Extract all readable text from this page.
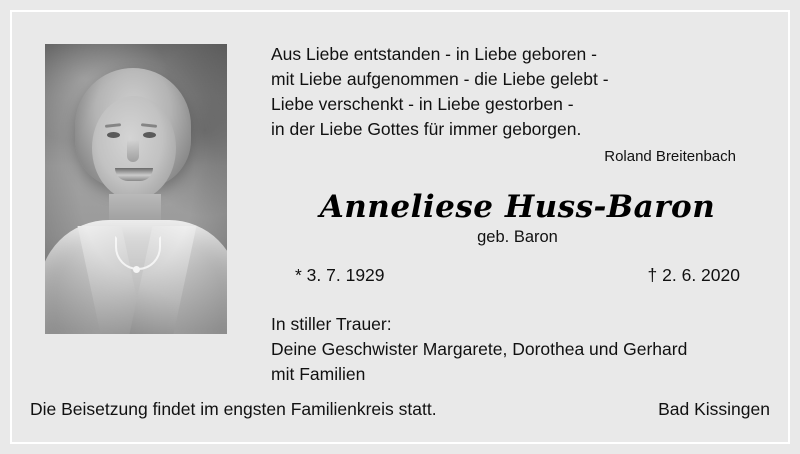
Aus Liebe entstanden - in Liebe geboren -
mit Liebe aufgenommen - die Liebe gelebt -
Liebe verschenkt - in Liebe gestorben -
in der Liebe Gottes für immer geborgen.
Roland Breitenbach
Anneliese Huss-Baron
geb. Baron
* 3. 7. 1929	† 2. 6. 2020
In stiller Trauer:
Deine Geschwister Margarete, Dorothea und Gerhard
mit Familien
Die Beisetzung findet im engsten Familienkreis statt.	Bad Kissingen
